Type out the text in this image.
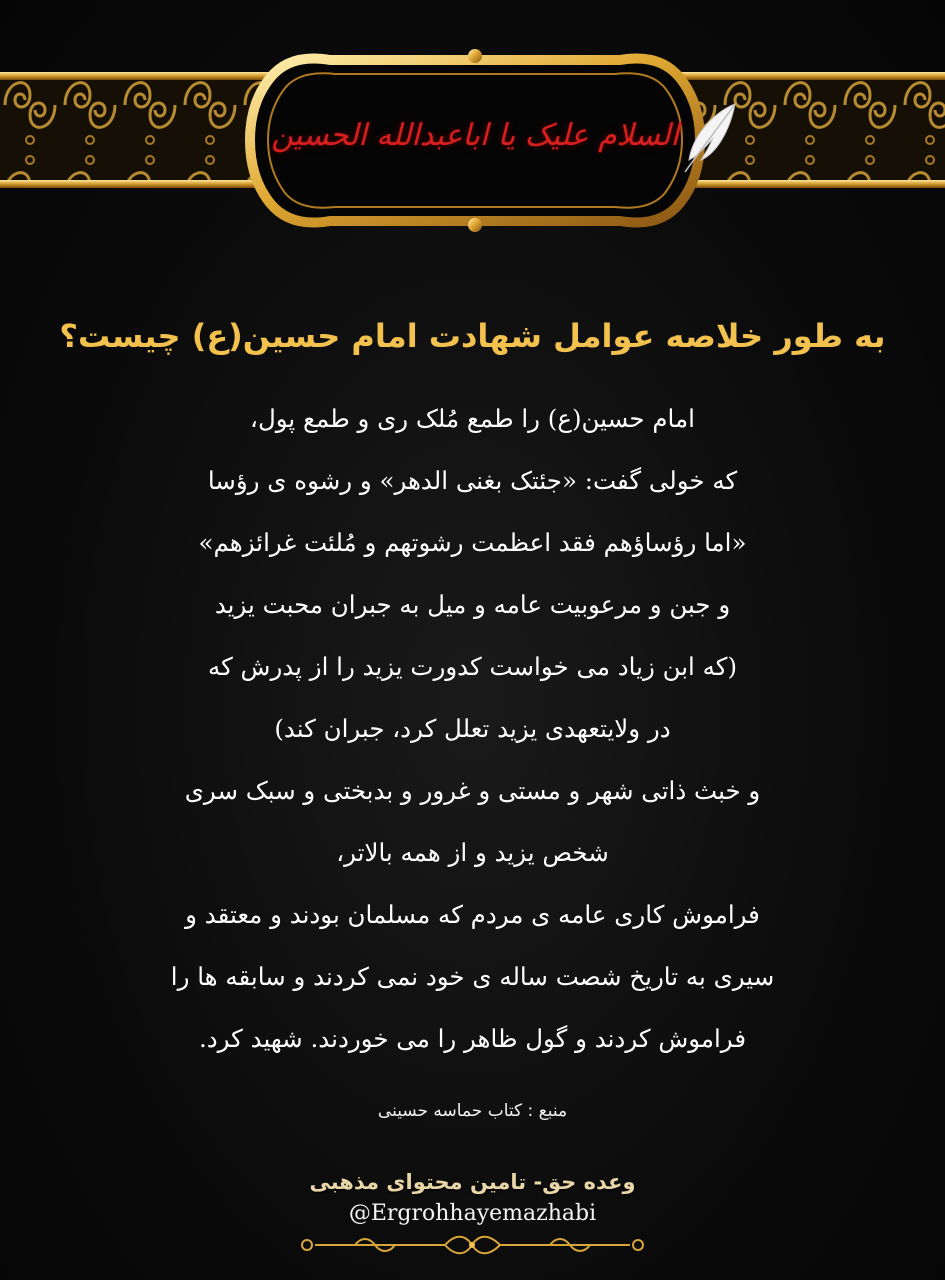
السلام علیک یا اباعبدالله الحسین
به طور خلاصه عوامل شهادت امام حسین(ع) چیست؟
امام حسین(ع) را طمع مُلک ری و طمع پول،
که خولی گفت: «جئتک بغنی الدهر» و رشوه ی رؤسا
«اما رؤساؤهم فقد اعظمت رشوتهم و مُلئت غرائزهم»
و جبن و مرعوبیت عامه و میل به جبران محبت یزید
(که ابن زیاد می خواست کدورت یزید را از پدرش که
در ولایتعهدی یزید تعلل کرد، جبران کند)
و خبث ذاتی شهر و مستی و غرور و بدبختی و سبک سری
شخص یزید و از همه بالاتر،
فراموش کاری عامه ی مردم که مسلمان بودند و معتقد و
سیری به تاریخ شصت ساله ی خود نمی کردند و سابقه ها را
فراموش کردند و گول ظاهر را می خوردند. شهید کرد.
منبع : کتاب حماسه حسینی
وعده حق- تامین محتوای مذهبی
@Ergrohhayemazhabi
